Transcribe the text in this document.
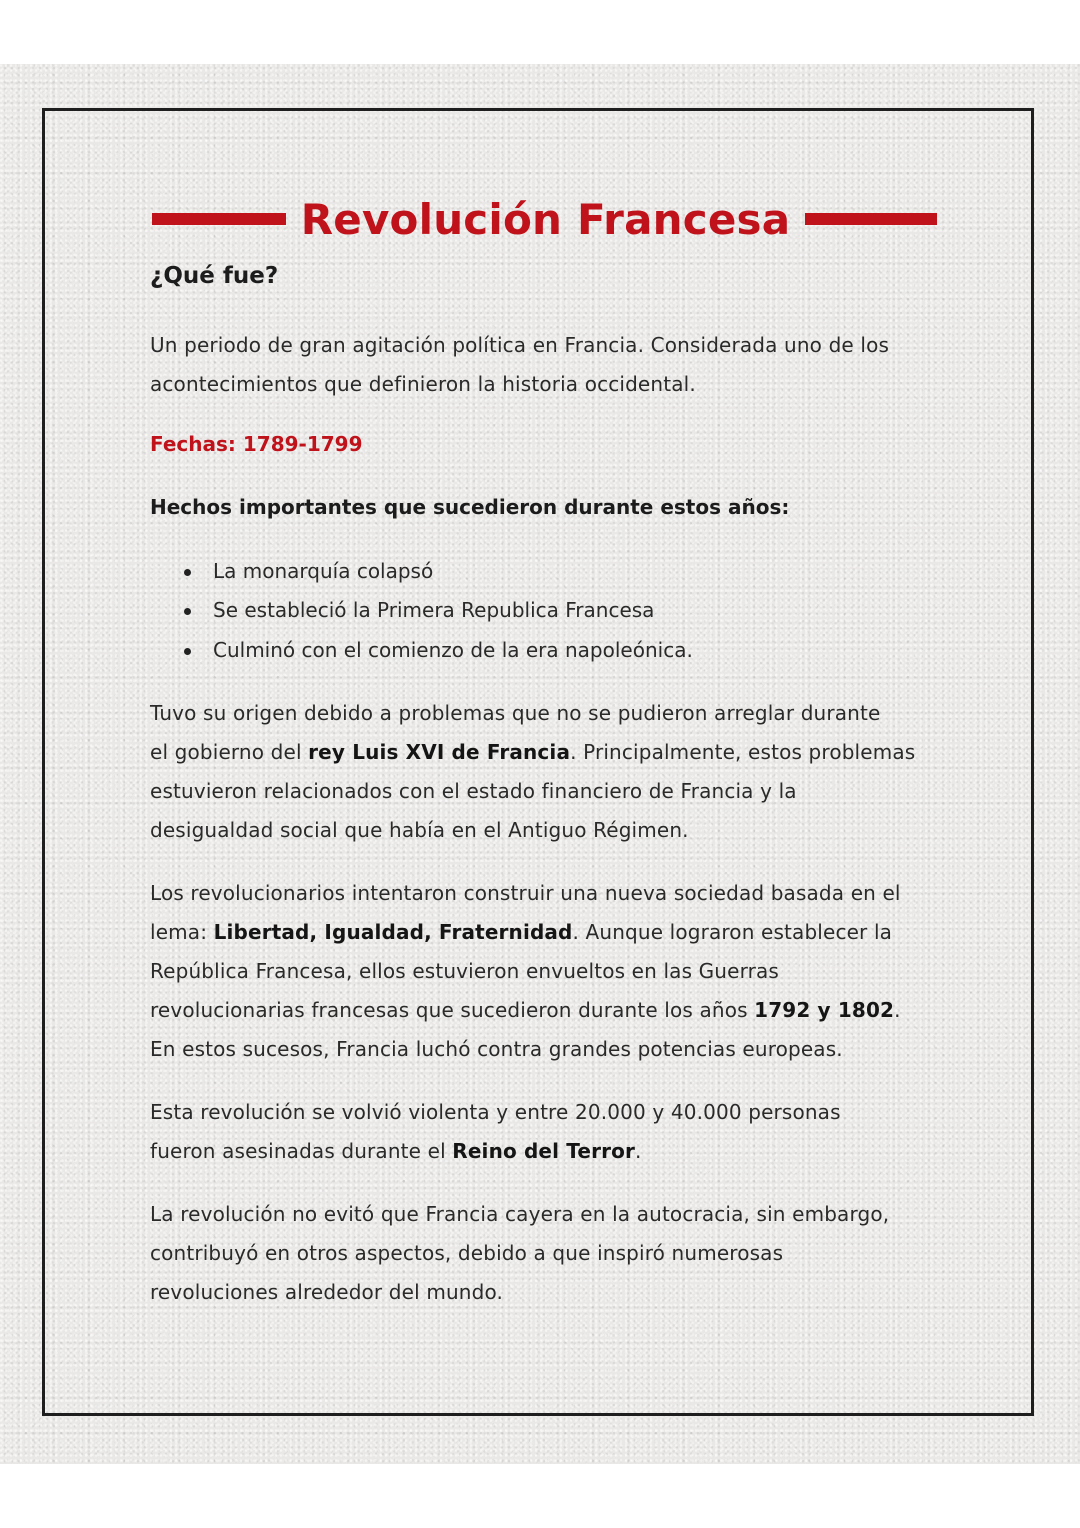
Revolución Francesa
¿Qué fue?

Un periodo de gran agitación política en Francia. Considerada uno de los
acontecimientos que definieron la historia occidental.

Fechas: 1789-1799
Hechos importantes que sucedieron durante estos años:
La monarquía colapsó
Se estableció la Primera Republica Francesa
Culminó con el comienzo de la era napoleónica.

Tuvo su origen debido a problemas que no se pudieron arreglar durante
el gobierno del rey Luis XVI de Francia. Principalmente, estos problemas
estuvieron relacionados con el estado financiero de Francia y la
desigualdad social que había en el Antiguo Régimen.

Los revolucionarios intentaron construir una nueva sociedad basada en el
lema: Libertad, Igualdad, Fraternidad. Aunque lograron establecer la
República Francesa, ellos estuvieron envueltos en las Guerras
revolucionarias francesas que sucedieron durante los años 1792 y 1802.
En estos sucesos, Francia luchó contra grandes potencias europeas.

Esta revolución se volvió violenta y entre 20.000 y 40.000 personas
fueron asesinadas durante el Reino del Terror.

La revolución no evitó que Francia cayera en la autocracia, sin embargo,
contribuyó en otros aspectos, debido a que inspiró numerosas
revoluciones alrededor del mundo.
